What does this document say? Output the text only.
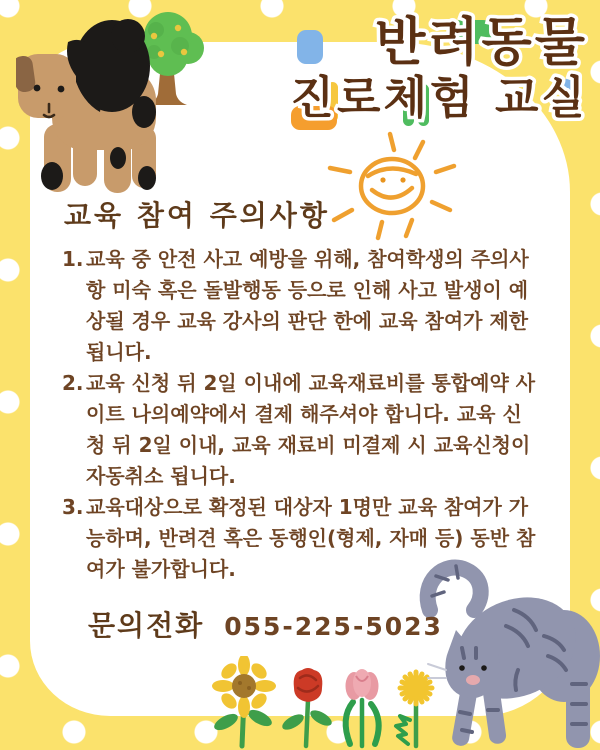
반려동물
진로체험 교실
교육 참여 주의사항
1. 교육 중 안전 사고 예방을 위해, 참여학생의 주의사항 미숙 혹은 돌발행동 등으로 인해 사고 발생이 예상될 경우 교육 강사의 판단 한에 교육 참여가 제한됩니다.
2. 교육 신청 뒤 2일 이내에 교육재료비를 통합예약 사이트 나의예약에서 결제 해주셔야 합니다. 교육 신청 뒤 2일 이내, 교육 재료비 미결제 시 교육신청이 자동취소 됩니다.
3. 교육대상으로 확정된 대상자 1명만 교육 참여가 가능하며, 반려견 혹은 동행인(형제, 자매 등) 동반 참여가 불가합니다.
문의전화 055-225-5023
